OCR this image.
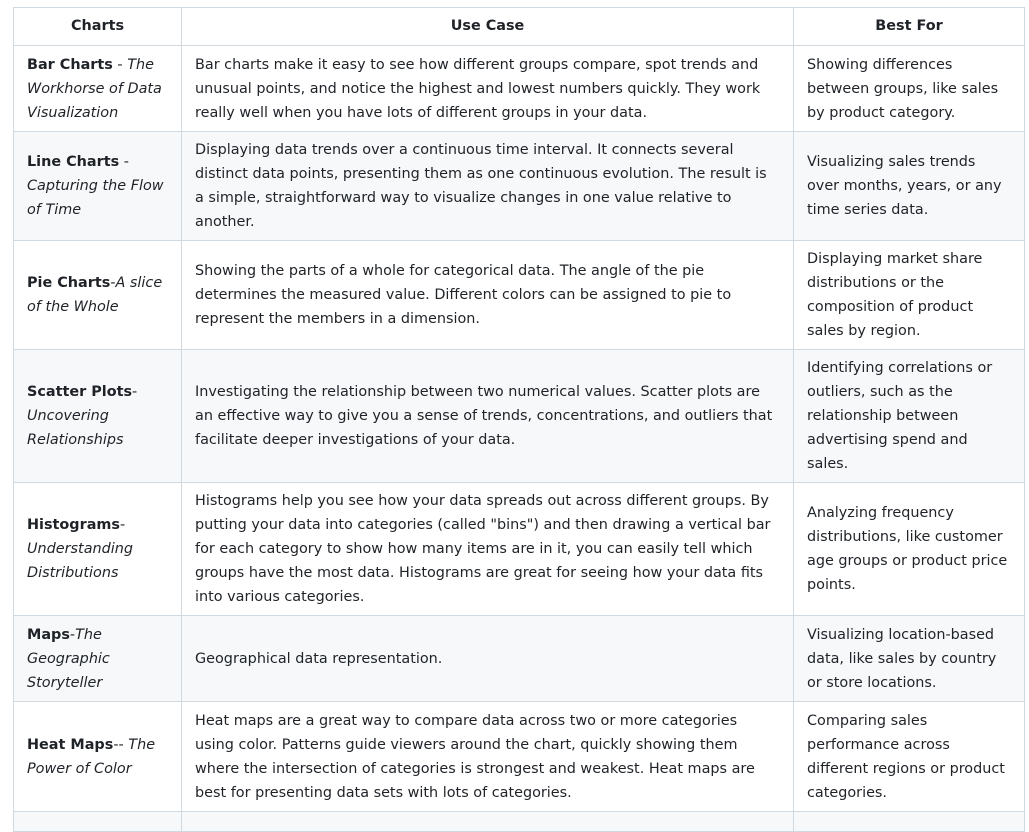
Charts	Use Case	Best For
Bar Charts - The Workhorse of Data Visualization	Bar charts make it easy to see how different groups compare, spot trends and unusual points, and notice the highest and lowest numbers quickly. They work really well when you have lots of different groups in your data.	Showing differences between groups, like sales by product category.
Line Charts - Capturing the Flow of Time	Displaying data trends over a continuous time interval. It connects several distinct data points, presenting them as one continuous evolution. The result is a simple, straightforward way to visualize changes in one value relative to another.	Visualizing sales trends over months, years, or any time series data.
Pie Charts-A slice of the Whole	Showing the parts of a whole for categorical data. The angle of the pie determines the measured value. Different colors can be assigned to pie to represent the members in a dimension.	Displaying market share distributions or the composition of product sales by region.
Scatter Plots-Uncovering Relationships	Investigating the relationship between two numerical values. Scatter plots are an effective way to give you a sense of trends, concentrations, and outliers that facilitate deeper investigations of your data.	Identifying correlations or outliers, such as the relationship between advertising spend and sales.
Histograms-Understanding Distributions	Histograms help you see how your data spreads out across different groups. By putting your data into categories (called "bins") and then drawing a vertical bar for each category to show how many items are in it, you can easily tell which groups have the most data. Histograms are great for seeing how your data fits into various categories.	Analyzing frequency distributions, like customer age groups or product price points.
Maps-The Geographic Storyteller	Geographical data representation.	Visualizing location-based data, like sales by country or store locations.
Heat Maps-- The Power of Color	Heat maps are a great way to compare data across two or more categories using color. Patterns guide viewers around the chart, quickly showing them where the intersection of categories is strongest and weakest. Heat maps are best for presenting data sets with lots of categories.	Comparing sales performance across different regions or product categories.
